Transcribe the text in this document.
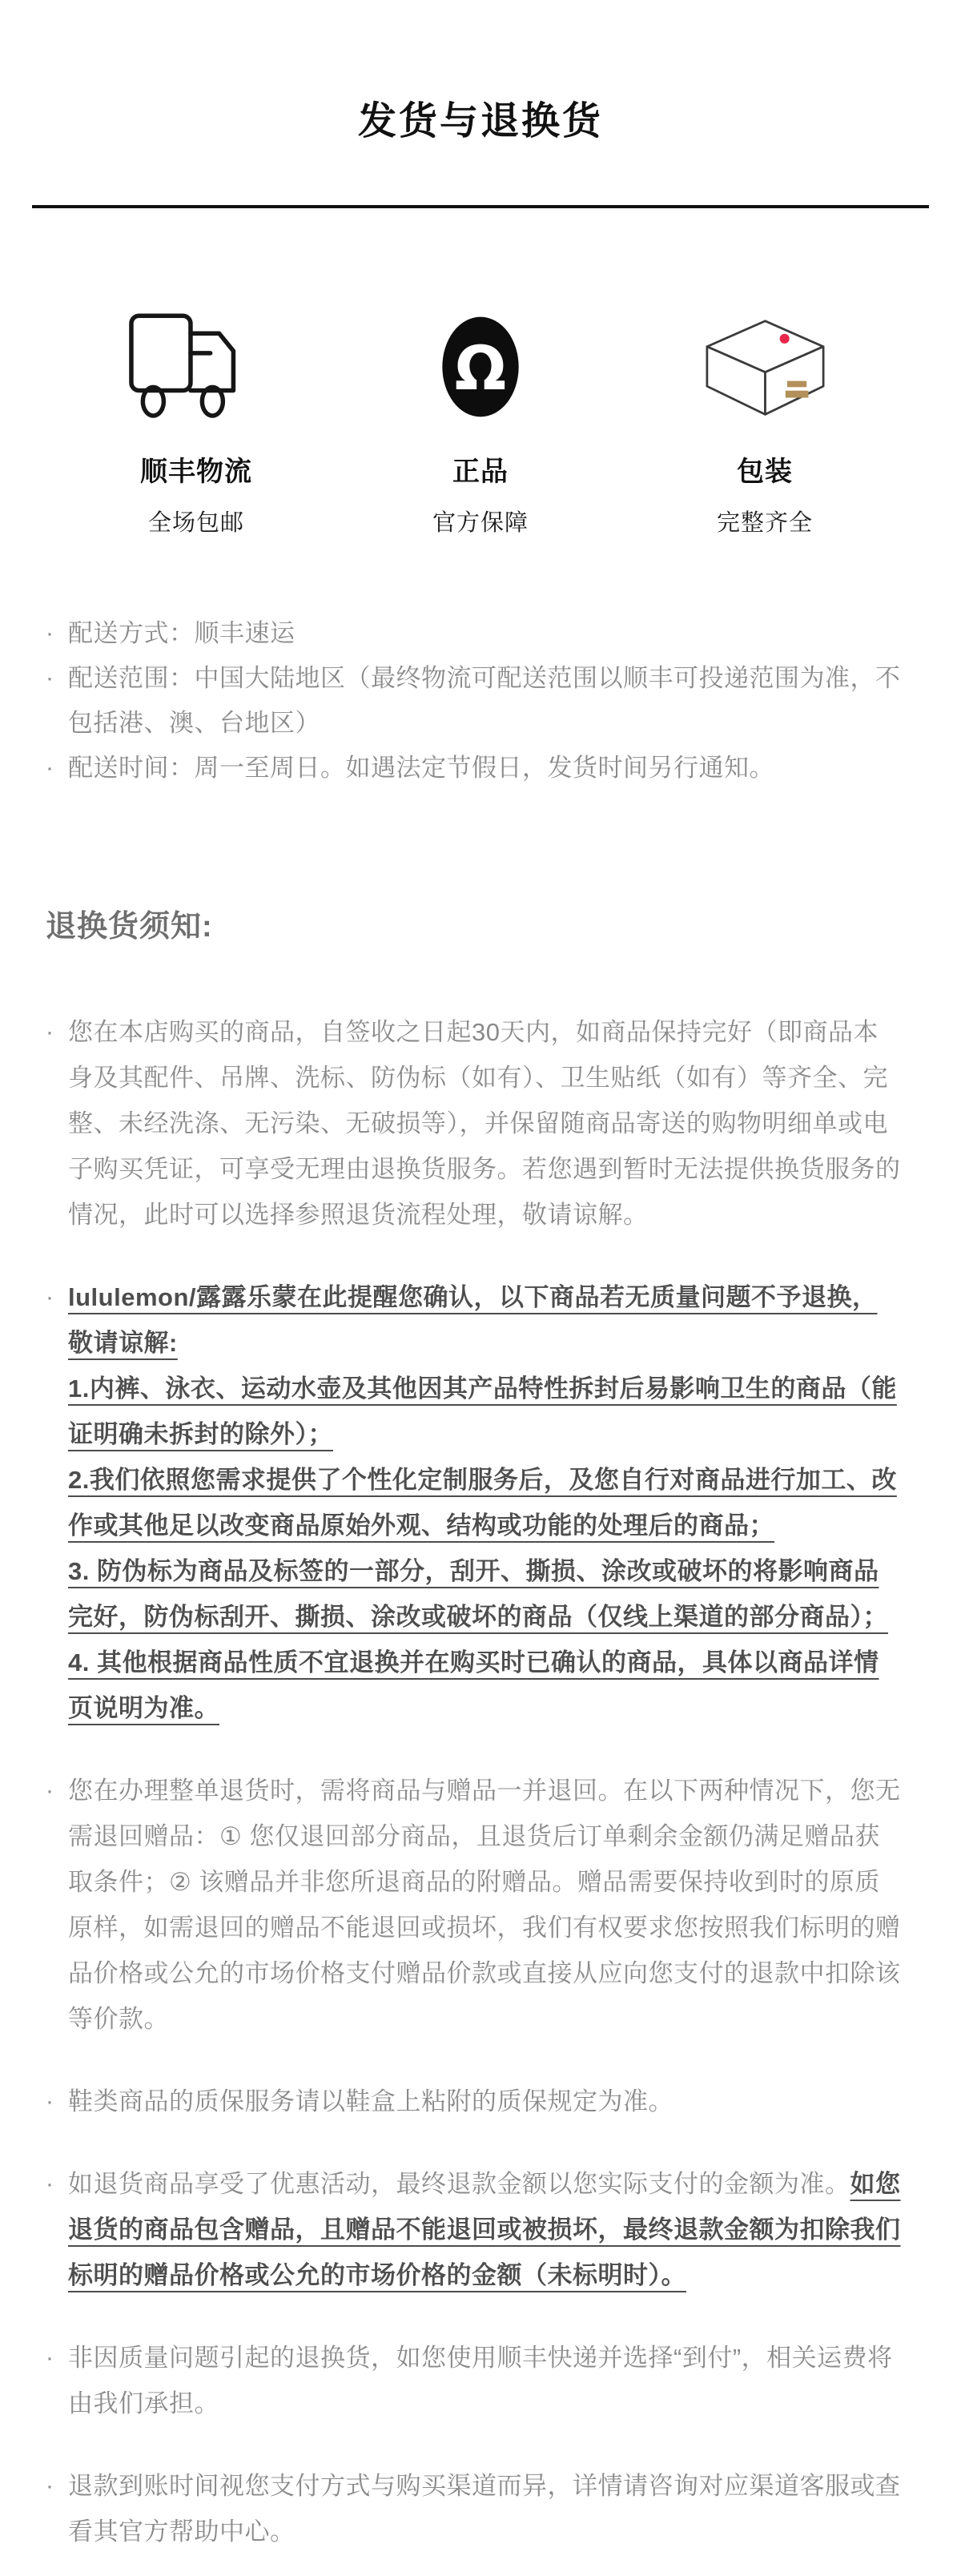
发货与退换货
顺丰物流
全场包邮
Ω
正品
官方保障
包装
完整齐全
· 配送方式：顺丰速运
· 配送范围：中国大陆地区（最终物流可配送范围以顺丰可投递范围为准，不包括港、澳、台地区）
· 配送时间：周一至周日。如遇法定节假日，发货时间另行通知。
退换货须知:
· 您在本店购买的商品，自签收之日起30天内，如商品保持完好（即商品本身及其配件、吊牌、洗标、防伪标（如有）、卫生贴纸（如有）等齐全、完整、未经洗涤、无污染、无破损等），并保留随商品寄送的购物明细单或电子购买凭证，可享受无理由退换货服务。若您遇到暂时无法提供换货服务的情况，此时可以选择参照退货流程处理，敬请谅解。
· lululemon/露露乐蒙在此提醒您确认，以下商品若无质量问题不予退换，敬请谅解:
1.内裤、泳衣、运动水壶及其他因其产品特性拆封后易影响卫生的商品（能证明确未拆封的除外）；
2.我们依照您需求提供了个性化定制服务后，及您自行对商品进行加工、改作或其他足以改变商品原始外观、结构或功能的处理后的商品；
3. 防伪标为商品及标签的一部分，刮开、撕损、涂改或破坏的将影响商品完好，防伪标刮开、撕损、涂改或破坏的商品（仅线上渠道的部分商品）；
4. 其他根据商品性质不宜退换并在购买时已确认的商品，具体以商品详情页说明为准。
· 您在办理整单退货时，需将商品与赠品一并退回。在以下两种情况下，您无需退回赠品：① 您仅退回部分商品，且退货后订单剩余金额仍满足赠品获取条件；② 该赠品并非您所退商品的附赠品。赠品需要保持收到时的原质原样，如需退回的赠品不能退回或损坏，我们有权要求您按照我们标明的赠品价格或公允的市场价格支付赠品价款或直接从应向您支付的退款中扣除该等价款。
· 鞋类商品的质保服务请以鞋盒上粘附的质保规定为准。
· 如退货商品享受了优惠活动，最终退款金额以您实际支付的金额为准。如您退货的商品包含赠品，且赠品不能退回或被损坏，最终退款金额为扣除我们标明的赠品价格或公允的市场价格的金额（未标明时）。
· 非因质量问题引起的退换货，如您使用顺丰快递并选择“到付”，相关运费将由我们承担。
· 退款到账时间视您支付方式与购买渠道而异，详情请咨询对应渠道客服或查看其官方帮助中心。
